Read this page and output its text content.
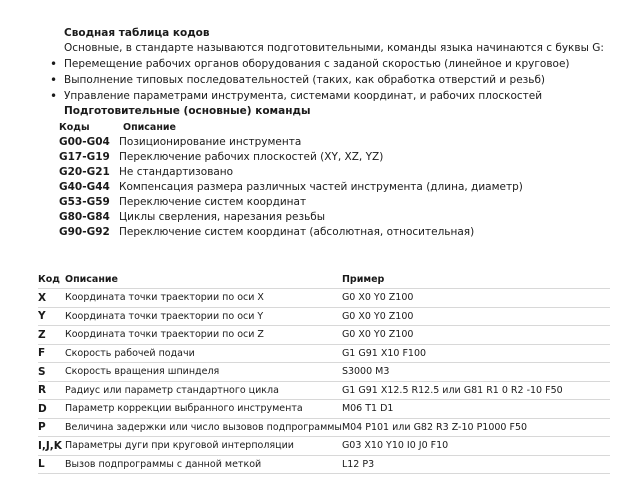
Сводная таблица кодов
Основные, в стандарте называются подготовительными, команды языка начинаются с буквы G:
• Перемещение рабочих органов оборудования с заданой скоростью (линейное и круговое)
• Выполнение типовых последовательностей (таких, как обработка отверстий и резьб)
• Управление параметрами инструмента, системами координат, и рабочих плоскостей
Подготовительные (основные) команды
Коды	Описание
G00-G04	Позиционирование инструмента
G17-G19	Переключение рабочих плоскостей (XY, XZ, YZ)
G20-G21	Не стандартизовано
G40-G44	Компенсация размера различных частей инструмента (длина, диаметр)
G53-G59	Переключение систем координат
G80-G84	Циклы сверления, нарезания резьбы
G90-G92	Переключение систем координат (абсолютная, относительная)
Код	Описание	Пример
X	Координата точки траектории по оси X	G0 X0 Y0 Z100
Y	Координата точки траектории по оси Y	G0 X0 Y0 Z100
Z	Координата точки траектории по оси Z	G0 X0 Y0 Z100
F	Скорость рабочей подачи	G1 G91 X10 F100
S	Скорость вращения шпинделя	S3000 M3
R	Радиус или параметр стандартного цикла	G1 G91 X12.5 R12.5 или G81 R1 0 R2 -10 F50
D	Параметр коррекции выбранного инструмента	M06 T1 D1
P	Величина задержки или число вызовов подпрограммы	M04 P101 или G82 R3 Z-10 P1000 F50
I,J,K	Параметры дуги при круговой интерполяции	G03 X10 Y10 I0 J0 F10
L	Вызов подпрограммы с данной меткой	L12 P3
